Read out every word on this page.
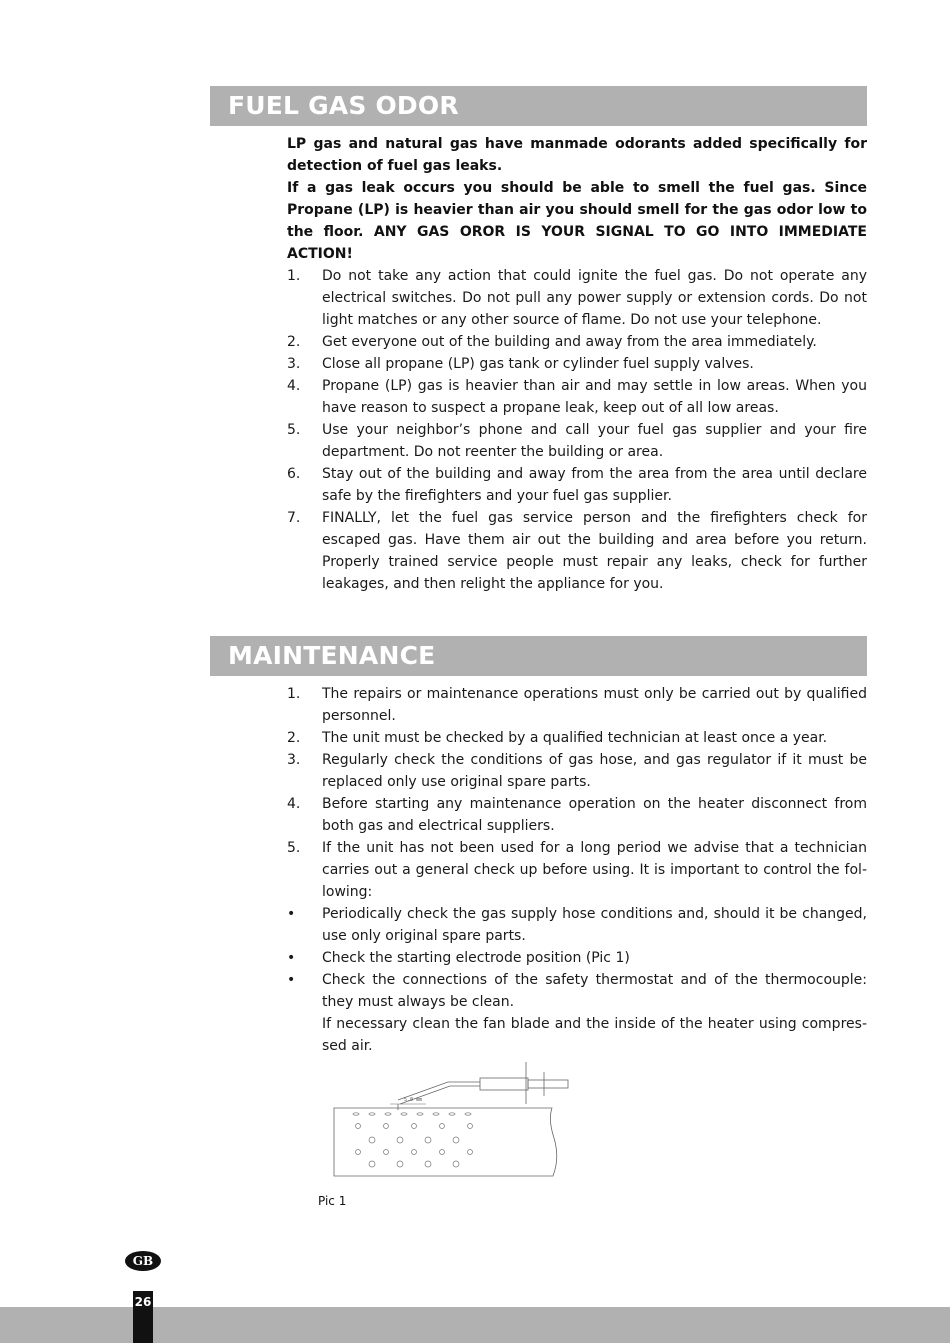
FUEL GAS ODOR

LP gas and natural gas have manmade odorants added specifically for detection of fuel gas leaks.

If a gas leak occurs you should be able to smell the fuel gas. Since Propane (LP) is heavier than air you should smell for the gas odor low to the floor. ANY GAS OROR IS YOUR SIGNAL TO GO INTO IMMEDIATE ACTION!

1. Do not take any action that could ignite the fuel gas. Do not operate any electrical switches. Do not pull any power supply or extension cords. Do not light matches or any other source of flame. Do not use your telephone.
2. Get everyone out of the building and away from the area immediately.
3. Close all propane (LP) gas tank or cylinder fuel supply valves.
4. Propane (LP) gas is heavier than air and may settle in low areas. When you have reason to suspect a propane leak, keep out of all low areas.
5. Use your neighbor’s phone and call your fuel gas supplier and your fire department. Do not reenter the building or area.
6. Stay out of the building and away from the area from the area until declare safe by the firefighters and your fuel gas supplier.
7. FINALLY, let the fuel gas service person and the firefighters check for escaped gas. Have them air out the building and area before you return. Properly trained service people must repair any leaks, check for further leakages, and then relight the appliance for you.
MAINTENANCE
1. The repairs or maintenance operations must only be carried out by qualified personnel.
2. The unit must be checked by a qualified technician at least once a year.
3. Regularly check the conditions of gas hose, and gas regulator if it must be replaced only use original spare parts.
4. Before starting any maintenance operation on the heater disconnect from both gas and electrical suppliers.
5. If the unit has not been used for a long period we advise that a technician carries out a general check up before using. It is important to control the following:
• Periodically check the gas supply hose conditions and, should it be changed, use only original spare parts.
• Check the starting electrode position (Pic 1)
• Check the connections of the safety thermostat and of the thermocouple: they must always be clean.
If necessary clean the fan blade and the inside of the heater using compressed air.
5.0 mm
Pic 1
GB
26
